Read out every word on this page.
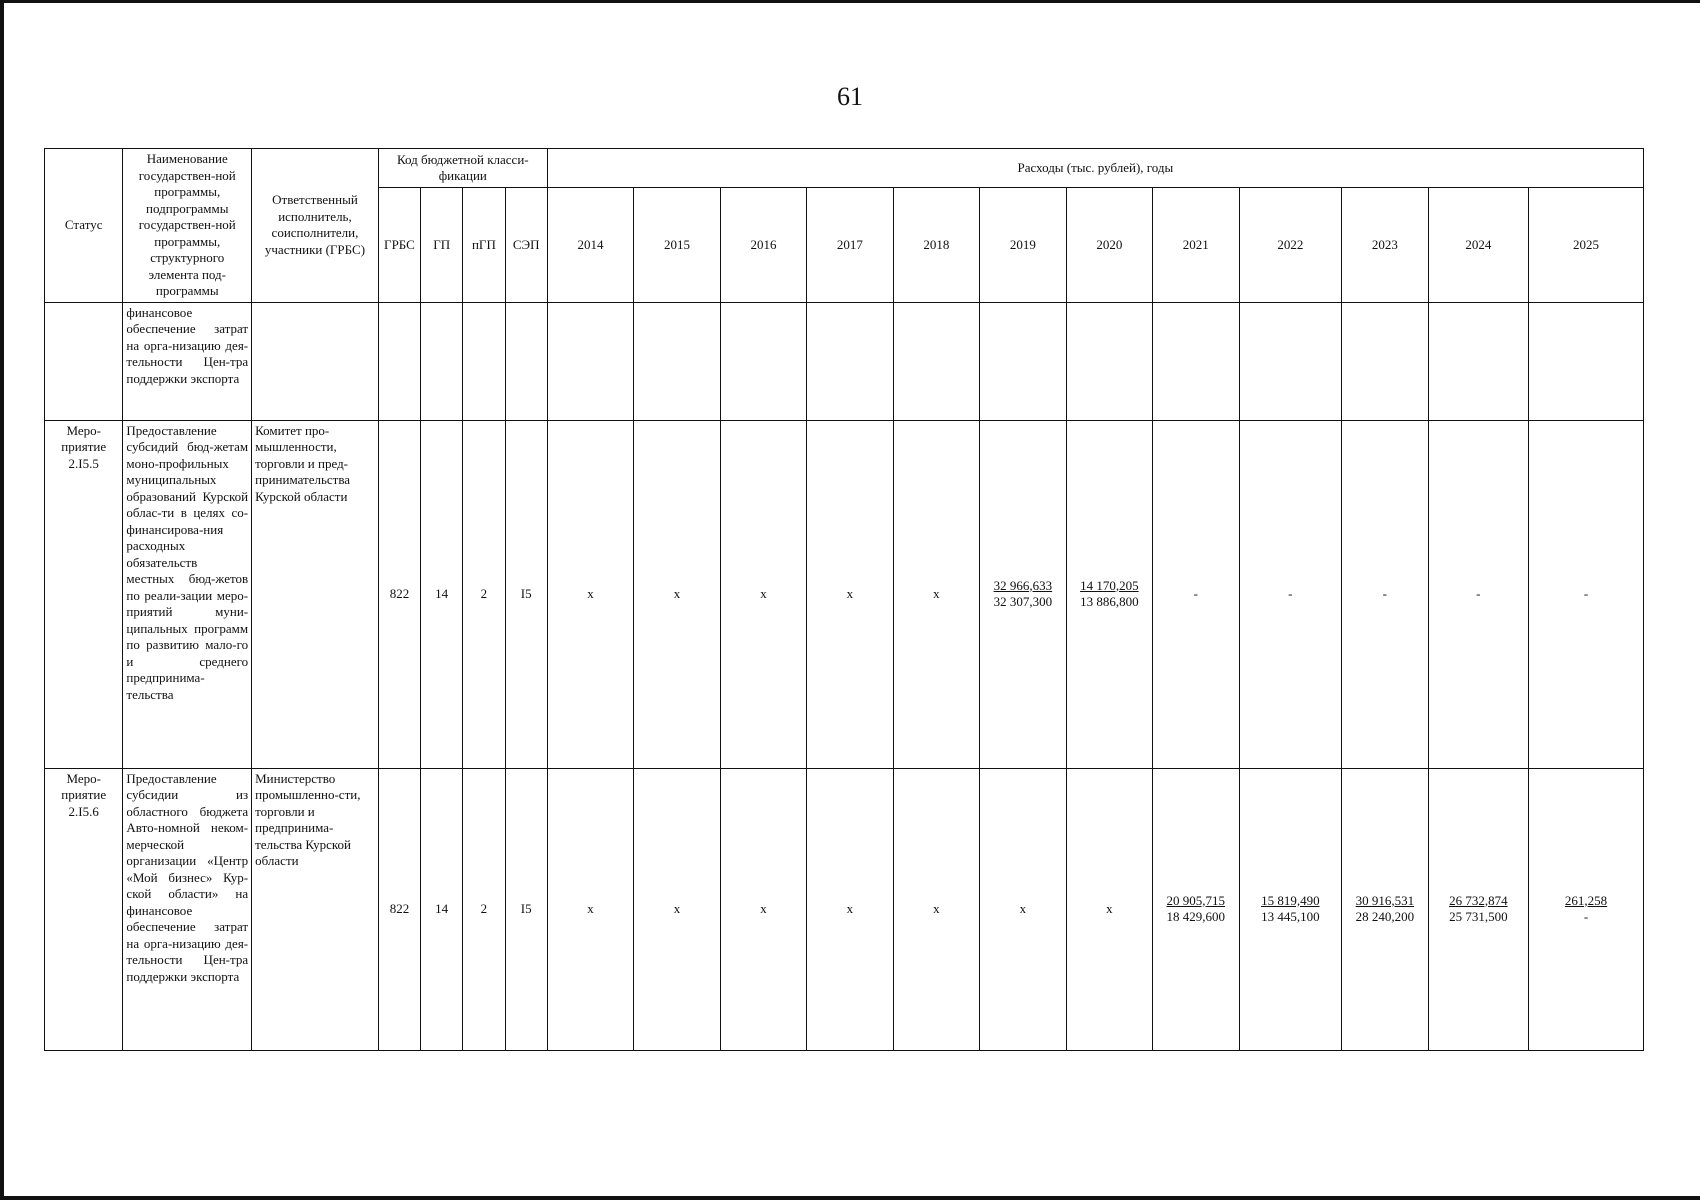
61
Статус	Наименование государствен-ной программы, подпрограммы государствен-ной программы, структурного элемента под-программы	Ответственный исполнитель, соисполнители, участники (ГРБС)	Код бюджетной класси-фикации				Расходы (тыс. рублей), годы											
			ГРБС	ГП	пГП	СЭП	2014	2015	2016	2017	2018	2019	2020	2021	2022	2023	2024	2025
	финансовое обеспечение затрат на орга-низацию дея-тельности Цен-тра поддержки экспорта																	
Меро-приятие 2.I5.5	Предоставление субсидий бюд-жетам моно-профильных муниципальных образований Курской облас-ти в целях со-финансирова-ния расходных обязательств местных бюд-жетов по реали-зации меро-приятий муни-ципальных программ по развитию мало-го и среднего предпринима-тельства	Комитет про-мышленности, торговли и пред-принимательства Курской области	822	14	2	I5	х	х	х	х	х	$\frac{32 966,633}{32 307,300}$	$\frac{14 170,205}{13 886,800}$	-	-	-	-	-
Меро-приятие 2.I5.6	Предоставление субсидии из областного бюджета Авто-номной неком-мерческой организации «Центр «Мой бизнес» Кур-ской области» на финансовое обеспечение затрат на орга-низацию дея-тельности Цен-тра поддержки экспорта	Министерство промышленно-сти, торговли и предпринима-тельства Курской области	822	14	2	I5	х	х	х	х	х	х	х	$\frac{20 905,715}{18 429,600}$	$\frac{15 819,490}{13 445,100}$	$\frac{30 916,531}{28 240,200}$	$\frac{26 732,874}{25 731,500}$	$\frac{261,258}{-}$
